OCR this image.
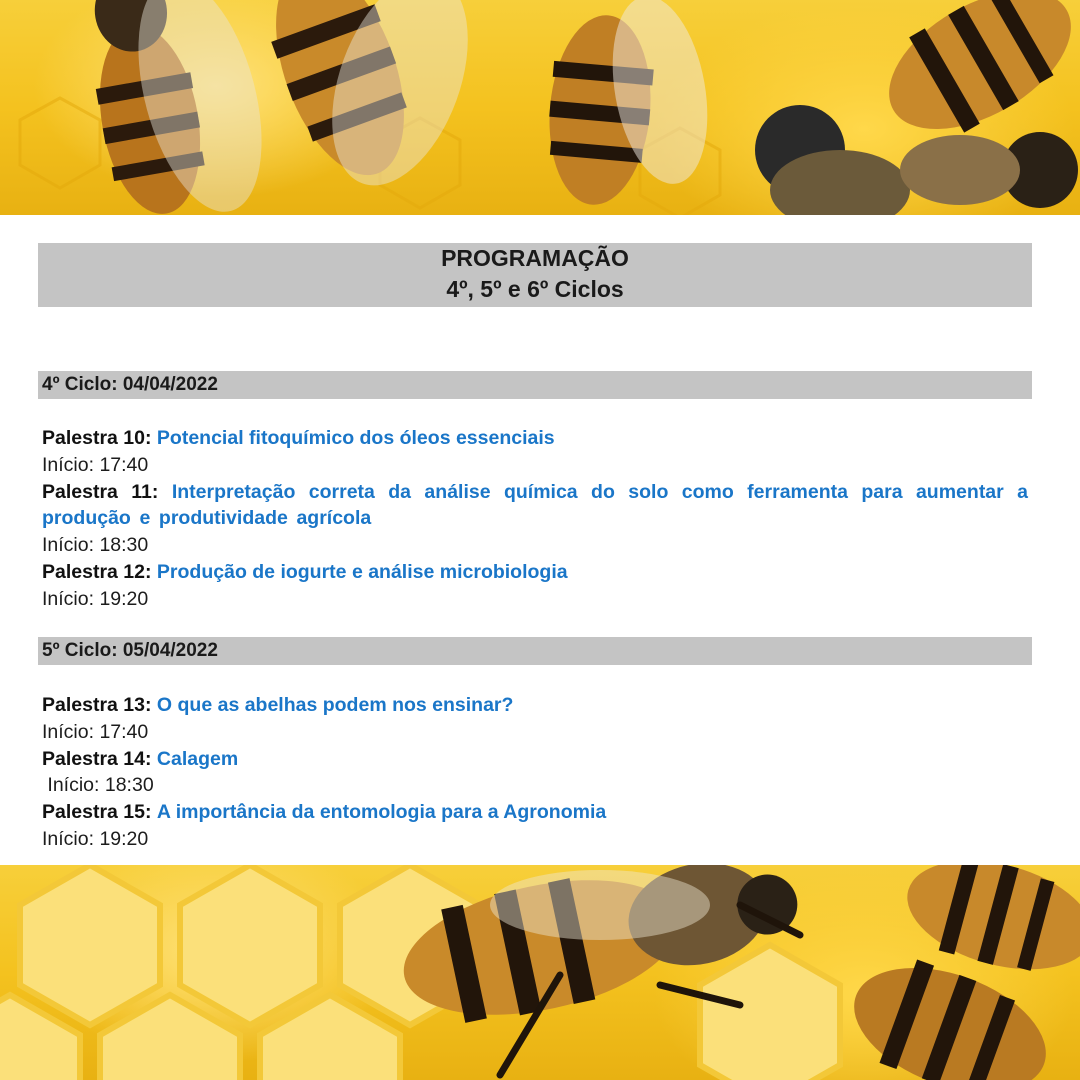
PROGRAMAÇÃO
4º, 5º e 6º Ciclos
4º Ciclo: 04/04/2022
Palestra 10: Potencial fitoquímico dos óleos essenciais
Início: 17:40
Palestra 11: Interpretação correta da análise química do solo como ferramenta para aumentar a produção e produtividade agrícola
Início: 18:30
Palestra 12: Produção de iogurte e análise microbiologia
Início: 19:20
5º Ciclo: 05/04/2022
Palestra 13: O que as abelhas podem nos ensinar?
Início: 17:40
Palestra 14: Calagem
Início: 18:30
Palestra 15: A importância da entomologia para a Agronomia
Início: 19:20
